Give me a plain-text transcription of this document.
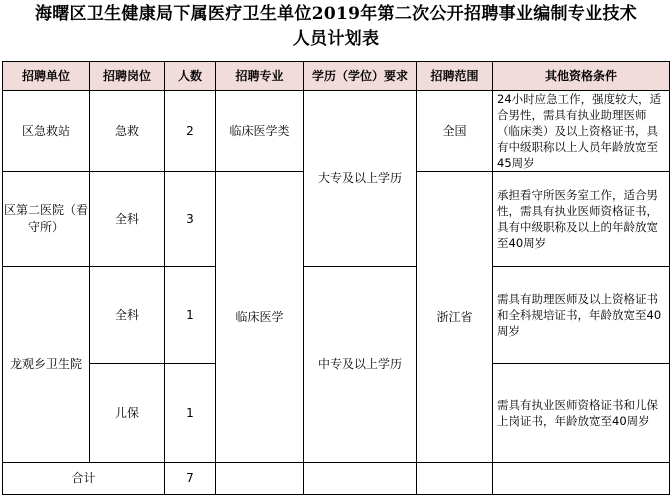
海曙区卫生健康局下属医疗卫生单位2019年第二次公开招聘事业编制专业技术
人员计划表
招聘单位	招聘岗位	人数	招聘专业	学历（学位）要求	招聘范围	其他资格条件
区急救站	急救	2	临床医学类	大专及以上学历	全国	24小时应急工作，强度较大，适合男性，需具有执业助理医师（临床类）及以上资格证书，具有中级职称以上人员年龄放宽至45周岁
区第二医院（看守所）	全科	3	临床医学		浙江省	承担看守所医务室工作，适合男性，需具有执业医师资格证书，具有中级职称及以上的年龄放宽至40周岁
龙观乡卫生院	全科	1		中专及以上学历		需具有助理医师及以上资格证书和全科规培证书，年龄放宽至40周岁
	儿保	1				需具有执业医师资格证书和儿保上岗证书，年龄放宽至40周岁
合计		7				
